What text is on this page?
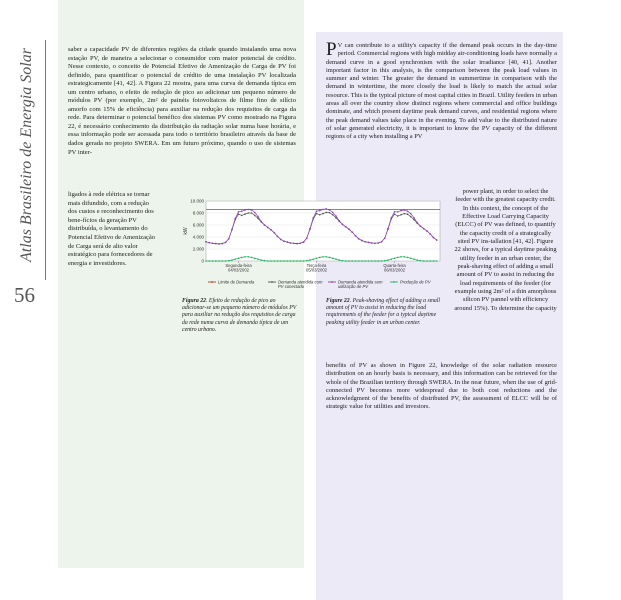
Atlas Brasileiro de Energia Solar
56

saber a capacidade PV de diferentes regiões da cidade quando instalando uma nova estação PV, de maneira a selecionar o consumidor com maior potencial de crédito. Nesse contexto, o conceito de Potencial Efetivo de Amenização de Carga de PV foi definido, para quantificar o potencial de crédito de uma instalação PV localizada estrategicamente [41, 42]. A Figura 22 mostra, para uma curva de demanda típica em um centro urbano, o efeito de redução de pico ao adicionar um pequeno número de módulos PV (por exemplo, 2m² de painéis fotovoltaicos de filme fino de silício amorfo com 15% de eficiência) para auxiliar na redução dos requisitos de carga da rede. Para determinar o potencial benéfico dos sistemas PV como mostrado na Figura 22, é necessário conhecimento da distribuição da radiação solar numa base horária, e essa informação pode ser acessada para todo o território brasileiro através da base de dados gerada no projeto SWERA. Em um futuro próximo, quando o uso de sistemas PV inter-

ligados à rede elétrica se tornar mais difundido, com a redução dos custos e reconhecimento dos bene-fícios da geração PV distribuída, o levantamento do Potencial Efetivo de Amenização de Carga será de alto valor estratégico para fornecedores de energia e investidores.
P V can contribute to a utility's capacity if the demand peak occurs in the day-time period. Commercial regions with high midday air-conditioning loads have normally a demand curve in a good synchronism with the solar irradiance [40, 41]. Another important factor in this analysis, is the comparison between the peak load values in summer and winter. The greater the demand in summertime in comparison with the demand in wintertime, the more closely the load is likely to match the actual solar resource. This is the typical picture of most capital cities in Brazil. Utility feeders in urban areas all over the country show distinct regions where commercial and office buildings dominate, and which present daytime peak demand curves, and residential regions where the peak demand values take place in the evening. To add value to the distributed nature of solar generated electricity, it is important to know the PV capacity of the different regions of a city when installing a PV
power plant, in order to select the feeder with the greatest capacity credit. In this context, the concept of the Effective Load Carrying Capacity (ELCC) of PV was defined, to quantify the capacity credit of a strategically sited PV ins-tallation [41, 42]. Figure 22 shows, for a typical daytime peaking utility feeder in an urban center, the peak-shaving effect of adding a small amount of PV to assist in reducing the load requirements of the feeder (for example using 2m² of a thin amorphous silicon PV pannel with efficiency around 15%). To determine the capacity
benefits of PV as shown in Figure 22, knowledge of the solar radiation resource distribution on an hourly basis is necessary, and this information can be retrieved for the whole of the Brazilian territory through SWERA. In the near future, when the use of grid-connected PV becomes more widespread due to both cost reductions and the acknowledgment of the benefits of distributed PV, the assessment of ELCC will be of strategic value for utilities and investors.
0
2.000
4.000
6.000
8.000
10.000
kW
Segunda-feira
04/03/2002
Terça-feira
05/03/2002
Quarta-feira
06/03/2002
Limite de Demanda	Demanda atendida com
PV conectado
Demanda atendida sem
utilização de PV
Produção de PV
Figura 22. Efeito de redução de pico ao adicionar-se um pequeno número de módulos PV para auxiliar na redução dos requisitos de carga da rede numa curva de demanda típica de um centro urbano.
Figure 22. Peak-shaving effect of adding a small amount of PV to assist in reducing the load requirements of the feeder for a typical daytime peaking utility feeder in an urban center.
